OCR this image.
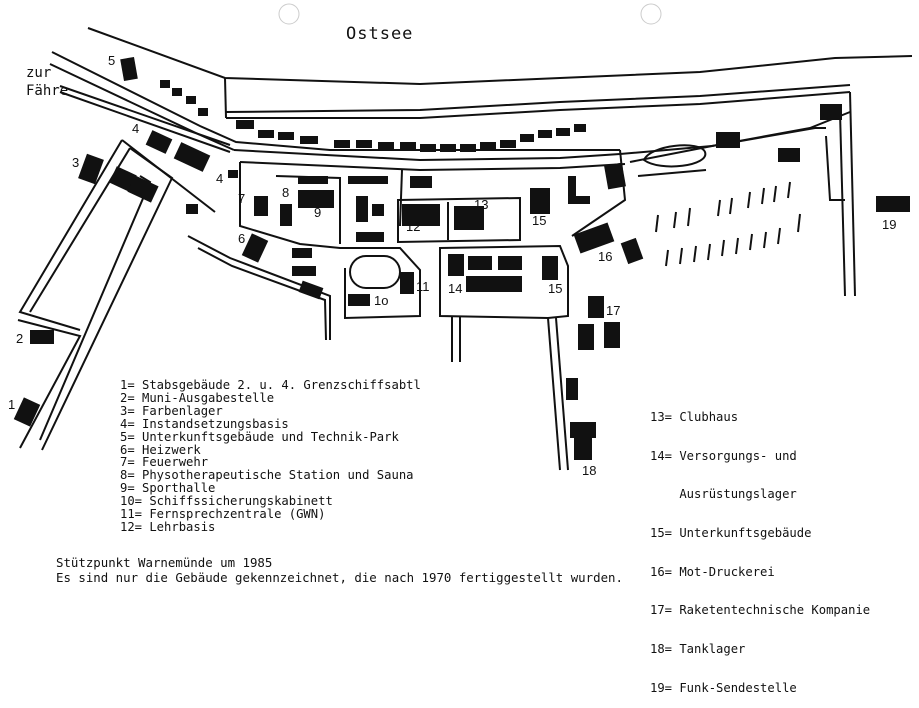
Ostsee
zur
Fähre
1
2
3
4
4
5
6
7	8
9
1o
11
12
13
14
15
15
16
17
18
19
1= Stabsgebäude 2. u. 4. Grenzschiffsabtl
2= Muni-Ausgabestelle
3= Farbenlager
4= Instandsetzungsbasis
5= Unterkunftsgebäude und Technik-Park
6= Heizwerk
7= Feuerwehr
8= Physotherapeutische Station und Sauna
9= Sporthalle
10= Schiffssicherungskabinett
11= Fernsprechzentrale (GWN)
12= Lehrbasis

13= Clubhaus

14= Versorgungs- und

Ausrüstungslager

15= Unterkunftsgebäude

16= Mot-Druckerei

17= Raketentechnische Kompanie

18= Tanklager

19= Funk-Sendestelle

Stützpunkt Warnemünde um 1985
Es sind nur die Gebäude gekennzeichnet, die nach 1970 fertiggestellt wurden.
